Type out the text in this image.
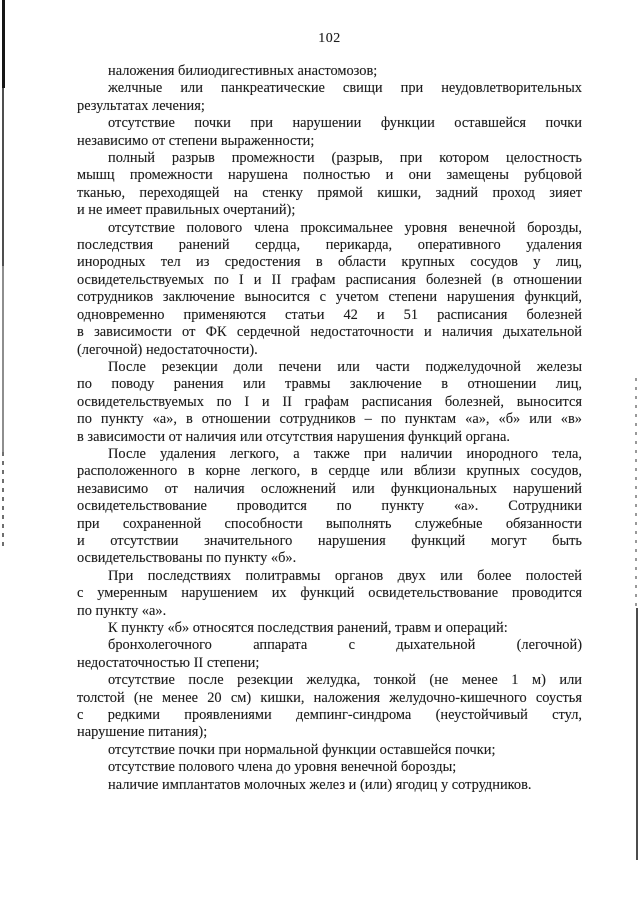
102
наложения билиодигестивных анастомозов;
желчные или панкреатические свищи при неудовлетворительных
результатах лечения;
отсутствие почки при нарушении функции оставшейся почки
независимо от степени выраженности;
полный разрыв промежности (разрыв, при котором целостность
мышц промежности нарушена полностью и они замещены рубцовой
тканью, переходящей на стенку прямой кишки, задний проход зияет
и не имеет правильных очертаний);
отсутствие полового члена проксимальнее уровня венечной борозды,
последствия ранений сердца, перикарда, оперативного удаления
инородных тел из средостения в области крупных сосудов у лиц,
освидетельствуемых по I и II графам расписания болезней (в отношении
сотрудников заключение выносится с учетом степени нарушения функций,
одновременно применяются статьи 42 и 51 расписания болезней
в зависимости от ФК сердечной недостаточности и наличия дыхательной
(легочной) недостаточности).
После резекции доли печени или части поджелудочной железы
по поводу ранения или травмы заключение в отношении лиц,
освидетельствуемых по I и II графам расписания болезней, выносится
по пункту «а», в отношении сотрудников – по пунктам «а», «б» или «в»
в зависимости от наличия или отсутствия нарушения функций органа.
После удаления легкого, а также при наличии инородного тела,
расположенного в корне легкого, в сердце или вблизи крупных сосудов,
независимо от наличия осложнений или функциональных нарушений
освидетельствование проводится по пункту «а». Сотрудники
при сохраненной способности выполнять служебные обязанности
и отсутствии значительного нарушения функций могут быть
освидетельствованы по пункту «б».
При последствиях политравмы органов двух или более полостей
с умеренным нарушением их функций освидетельствование проводится
по пункту «а».
К пункту «б» относятся последствия ранений, травм и операций:
бронхолегочного аппарата с дыхательной (легочной)
недостаточностью II степени;
отсутствие после резекции желудка, тонкой (не менее 1 м) или
толстой (не менее 20 см) кишки, наложения желудочно-кишечного соустья
с редкими проявлениями демпинг-синдрома (неустойчивый стул,
нарушение питания);
отсутствие почки при нормальной функции оставшейся почки;
отсутствие полового члена до уровня венечной борозды;
наличие имплантатов молочных желез и (или) ягодиц у сотрудников.
